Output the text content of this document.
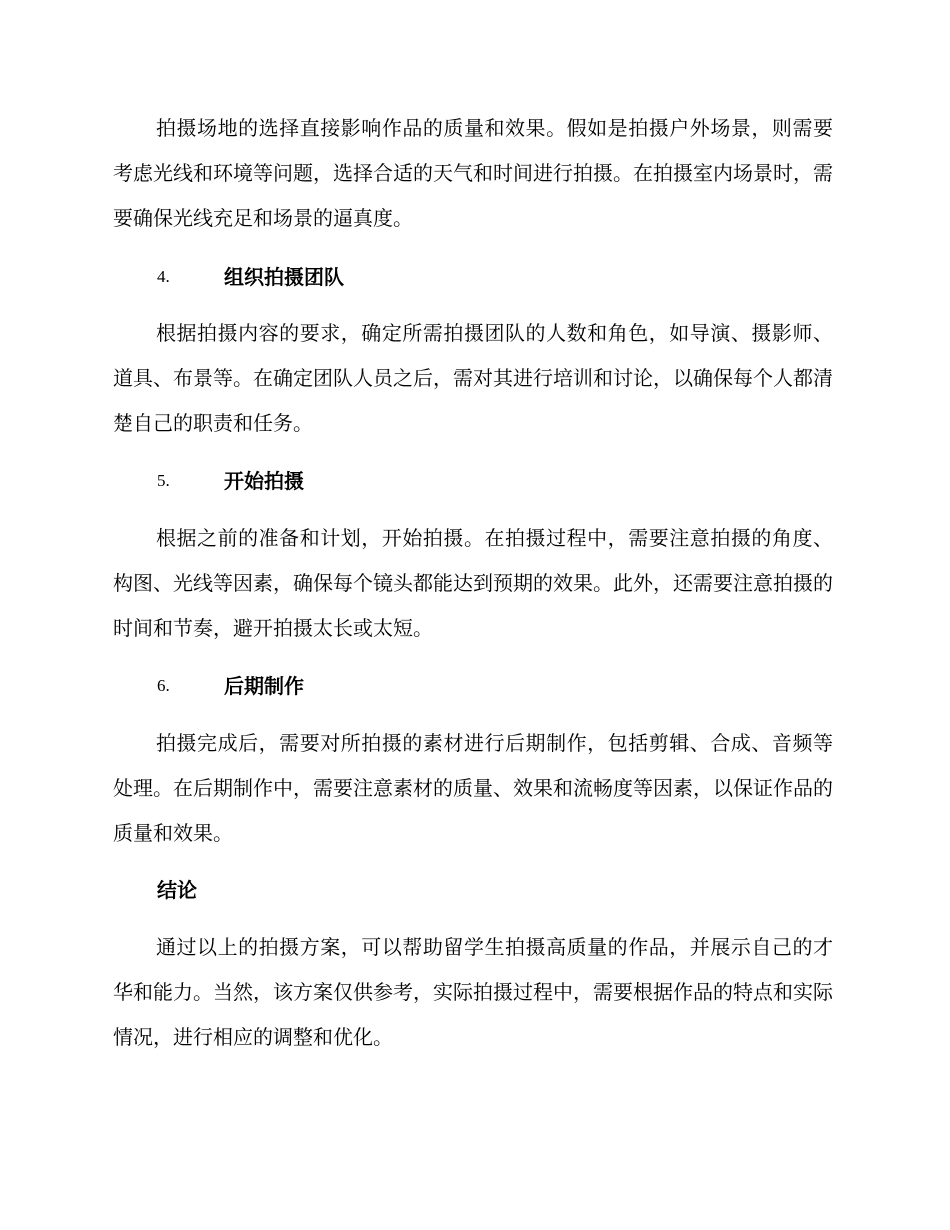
拍摄场地的选择直接影响作品的质量和效果。假如是拍摄户外场景，则需要考虑光线和环境等问题，选择合适的天气和时间进行拍摄。在拍摄室内场景时，需要确保光线充足和场景的逼真度。

4.	组织拍摄团队

根据拍摄内容的要求，确定所需拍摄团队的人数和角色，如导演、摄影师、道具、布景等。在确定团队人员之后，需对其进行培训和讨论，以确保每个人都清楚自己的职责和任务。

5.	开始拍摄

根据之前的准备和计划，开始拍摄。在拍摄过程中，需要注意拍摄的角度、构图、光线等因素，确保每个镜头都能达到预期的效果。此外，还需要注意拍摄的时间和节奏，避开拍摄太长或太短。

6.	后期制作

拍摄完成后，需要对所拍摄的素材进行后期制作，包括剪辑、合成、音频等处理。在后期制作中，需要注意素材的质量、效果和流畅度等因素，以保证作品的质量和效果。

结论

通过以上的拍摄方案，可以帮助留学生拍摄高质量的作品，并展示自己的才华和能力。当然，该方案仅供参考，实际拍摄过程中，需要根据作品的特点和实际情况，进行相应的调整和优化。
